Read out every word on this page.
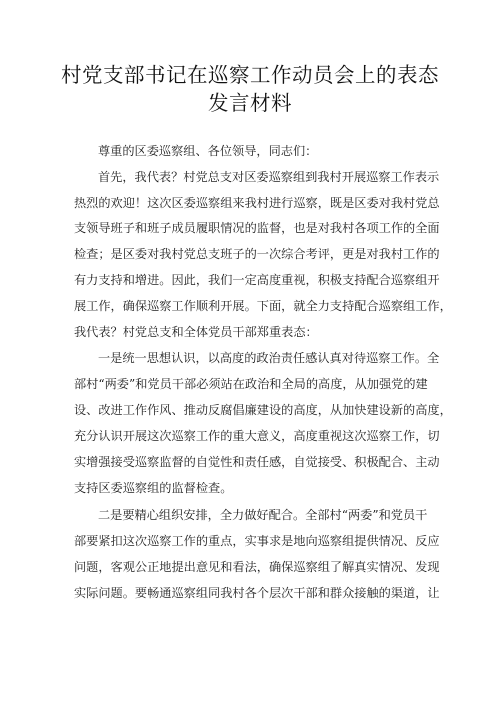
村党支部书记在巡察工作动员会上的表态
发言材料
尊重的区委巡察组、各位领导，同志们：
首先，我代表？村党总支对区委巡察组到我村开展巡察工作表示
热烈的欢迎！这次区委巡察组来我村进行巡察，既是区委对我村党总
支领导班子和班子成员履职情况的监督，也是对我村各项工作的全面
检查；是区委对我村党总支班子的一次综合考评，更是对我村工作的
有力支持和增进。因此，我们一定高度重视，积极支持配合巡察组开
展工作，确保巡察工作顺利开展。下面，就全力支持配合巡察组工作，
我代表？村党总支和全体党员干部郑重表态：
一是统一思想认识，以高度的政治责任感认真对待巡察工作。全
部村“两委”和党员干部必须站在政治和全局的高度，从加强党的建
设、改进工作作风、推动反腐倡廉建设的高度，从加快建设新的高度，
充分认识开展这次巡察工作的重大意义，高度重视这次巡察工作，切
实增强接受巡察监督的自觉性和责任感，自觉接受、积极配合、主动
支持区委巡察组的监督检查。
二是要精心组织安排，全力做好配合。全部村“两委”和党员干
部要紧扣这次巡察工作的重点，实事求是地向巡察组提供情况、反应
问题，客观公正地提出意见和看法，确保巡察组了解真实情况、发现
实际问题。要畅通巡察组同我村各个层次干部和群众接触的渠道，让
